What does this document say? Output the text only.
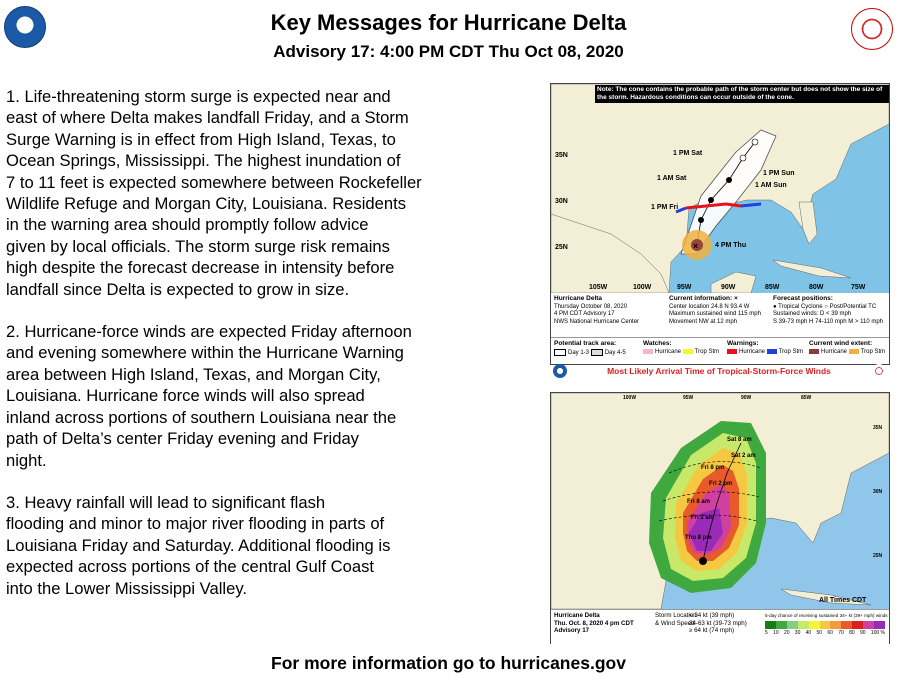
Key Messages for Hurricane Delta
Advisory 17: 4:00 PM CDT Thu Oct 08, 2020

1. Life-threatening storm surge is expected near and
east of where Delta makes landfall Friday, and a Storm
Surge Warning is in effect from High Island, Texas, to
Ocean Springs, Mississippi. The highest inundation of
7 to 11 feet is expected somewhere between Rockefeller
Wildlife Refuge and Morgan City, Louisiana. Residents
in the warning area should promptly follow advice
given by local officials. The storm surge risk remains
high despite the forecast decrease in intensity before
landfall since Delta is expected to grow in size.

2. Hurricane-force winds are expected Friday afternoon
and evening somewhere within the Hurricane Warning
area between High Island, Texas, and Morgan City,
Louisiana. Hurricane force winds will also spread
inland across portions of southern Louisiana near the
path of Delta’s center Friday evening and Friday
night.

3. Heavy rainfall will lead to significant flash
flooding and minor to major river flooding in parts of
Louisiana Friday and Saturday. Additional flooding is
expected across portions of the central Gulf Coast
into the Lower Mississippi Valley.

×
Note: The cone contains the probable path of the storm center but does not show the size of the storm. Hazardous conditions can occur outside of the cone.
35N
30N
25N
105W	100W	95W	90W	85W	80W	75W
1 PM Sat
1 AM Sat
1 PM Fri
4 PM Thu
1 PM Sun
1 AM Sun
Hurricane Delta
Thursday October 08, 2020
4 PM CDT Advisory 17
NWS National Hurricane Center
Current information: ×
Center location 24.8 N 93.4 W
Maximum sustained wind 115 mph
Movement NW at 12 mph
Forecast positions:
● Tropical Cyclone ○ Post/Potential TC
Sustained winds: D < 39 mph
S 39-73 mph H 74-110 mph M > 110 mph
Potential track area:
Day 1-3	Day 4-5
Watches:
Hurricane Trop Stm
Warnings:
Hurricane Trop Stm
Current wind extent:
Hurricane Trop Stm
Most Likely Arrival Time of Tropical-Storm-Force Winds
100W	95W	90W	85W
35N
30N
25N
Sat 8 am
Sat 2 am
Fri 8 pm
Fri 2 pm
Fri 8 am
Fri 2 am
Thu 8 pm
All Times CDT
Hurricane Delta
Thu. Oct. 8, 2020 4 pm CDT
Advisory 17
Storm Location
& Wind Speed
< 34 kt (39 mph)
34-63 kt (39-73 mph)
≥ 64 kt (74 mph)
5-day chance of receiving sustained 34+ kt (39+ mph) winds
5 10 20 30 40 50 60 70 80 90 100 %
For more information go to hurricanes.gov
